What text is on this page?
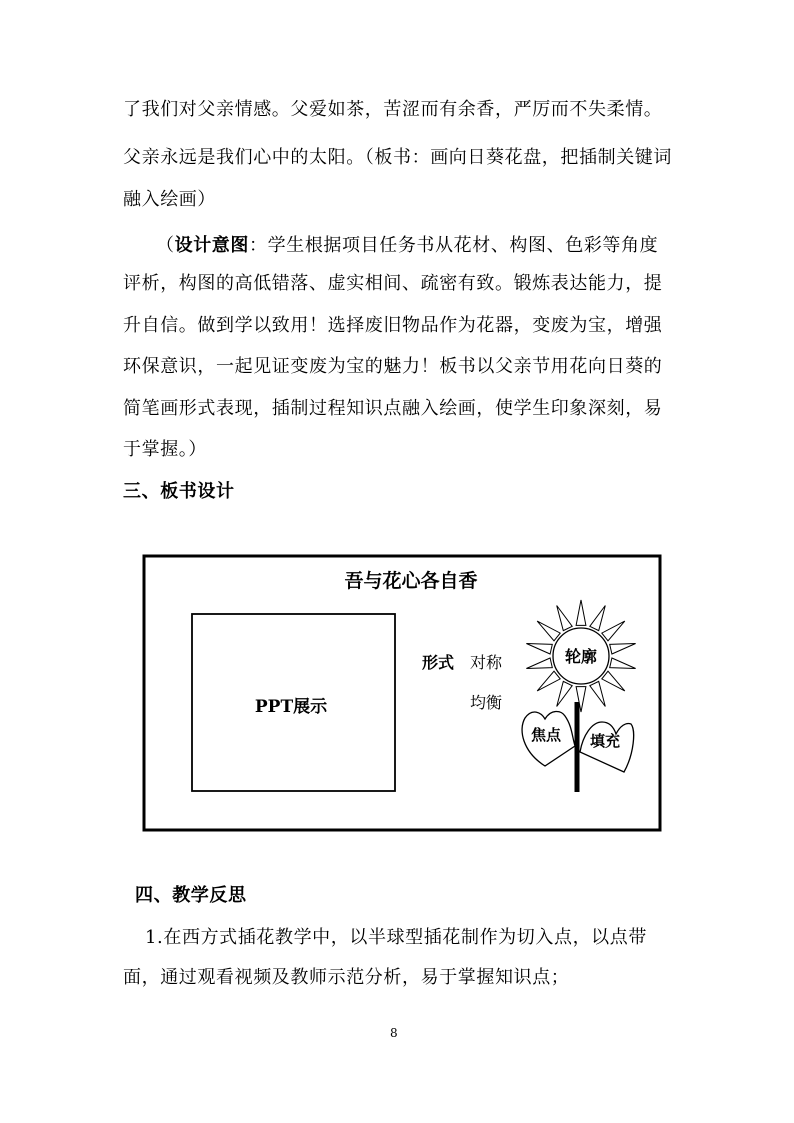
了我们对父亲情感。父爱如茶，苦涩而有余香，严厉而不失柔情。
父亲永远是我们心中的太阳。（板书：画向日葵花盘，把插制关键词
融入绘画）
（设计意图：学生根据项目任务书从花材、构图、色彩等角度
评析，构图的高低错落、虚实相间、疏密有致。锻炼表达能力，提
升自信。做到学以致用！选择废旧物品作为花器，变废为宝，增强
环保意识，一起见证变废为宝的魅力！板书以父亲节用花向日葵的
简笔画形式表现，插制过程知识点融入绘画，使学生印象深刻，易
于掌握。）
三、板书设计
吾与花心各自香
PPT展示
形式 对称
均衡
轮廓
焦点 填充
四、教学反思
1.在西方式插花教学中，以半球型插花制作为切入点，以点带
面，通过观看视频及教师示范分析，易于掌握知识点；
8
